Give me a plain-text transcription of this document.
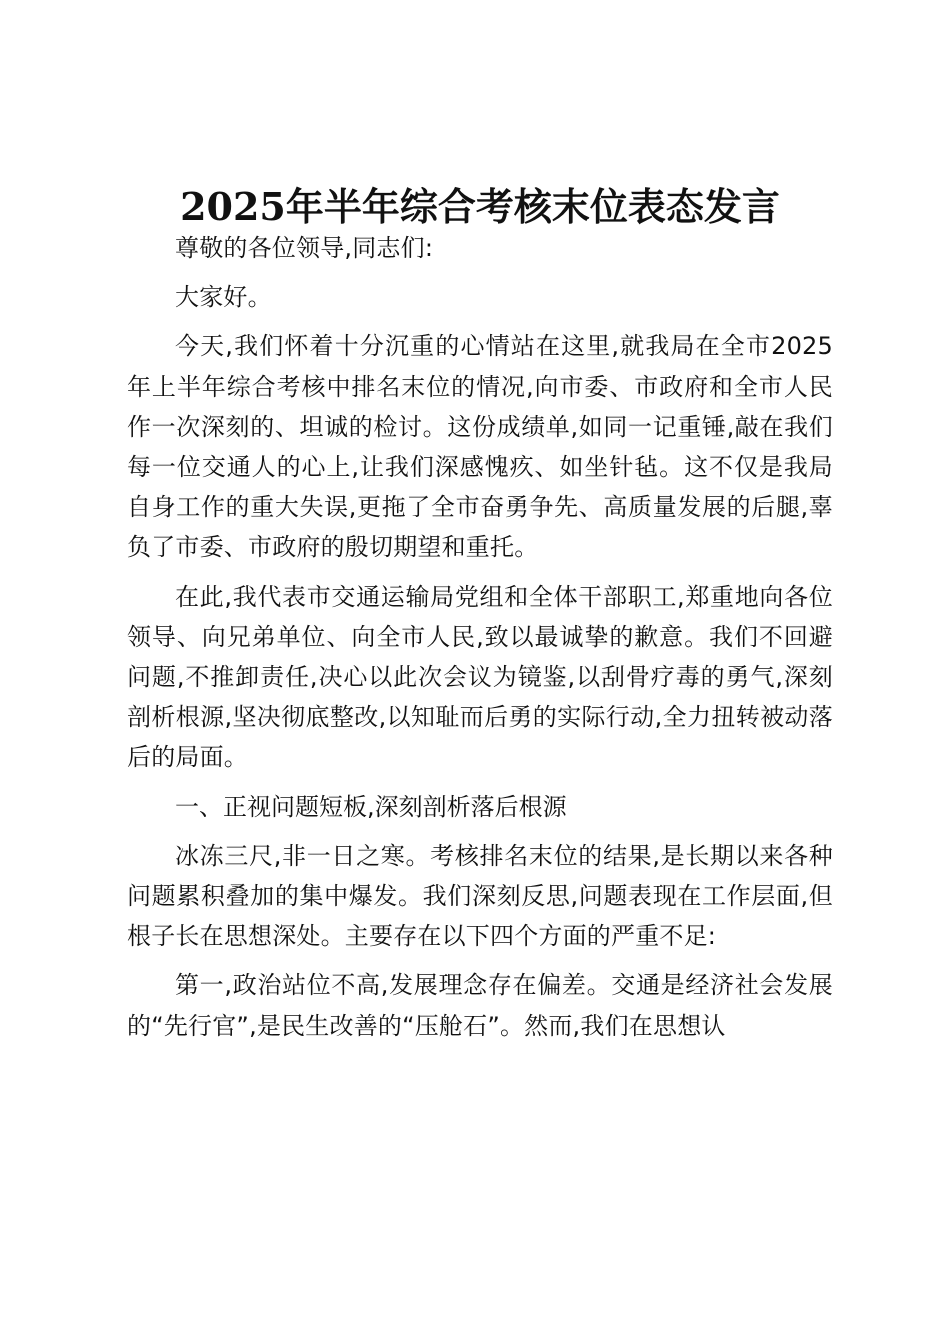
2025年半年综合考核末位表态发言

尊敬的各位领导,同志们:

大家好。

今天,我们怀着十分沉重的心情站在这里,就我局在全市2025年上半年综合考核中排名末位的情况,向市委、市政府和全市人民作一次深刻的、坦诚的检讨。这份成绩单,如同一记重锤,敲在我们每一位交通人的心上,让我们深感愧疚、如坐针毡。这不仅是我局自身工作的重大失误,更拖了全市奋勇争先、高质量发展的后腿,辜负了市委、市政府的殷切期望和重托。

在此,我代表市交通运输局党组和全体干部职工,郑重地向各位领导、向兄弟单位、向全市人民,致以最诚挚的歉意。我们不回避问题,不推卸责任,决心以此次会议为镜鉴,以刮骨疗毒的勇气,深刻剖析根源,坚决彻底整改,以知耻而后勇的实际行动,全力扭转被动落后的局面。

一、正视问题短板,深刻剖析落后根源

冰冻三尺,非一日之寒。考核排名末位的结果,是长期以来各种问题累积叠加的集中爆发。我们深刻反思,问题表现在工作层面,但根子长在思想深处。主要存在以下四个方面的严重不足:

第一,政治站位不高,发展理念存在偏差。交通是经济社会发展的“先行官”,是民生改善的“压舱石”。然而,我们在思想认
